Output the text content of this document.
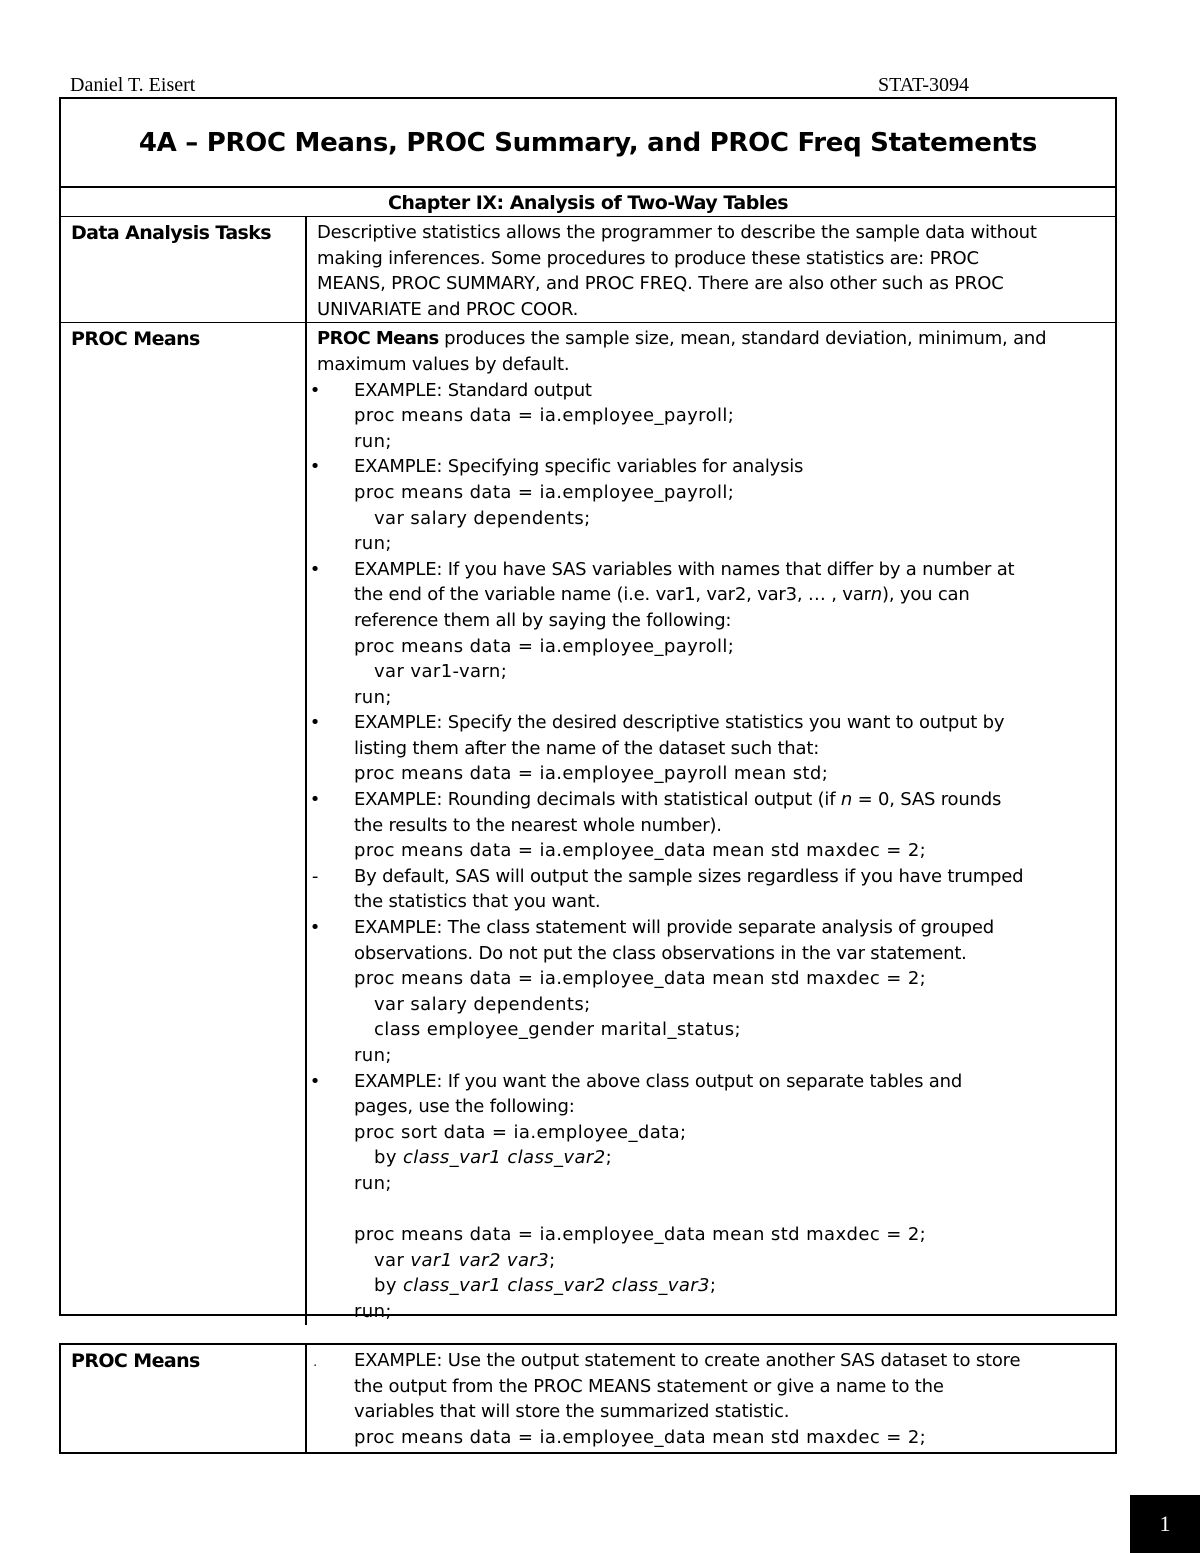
Daniel T. Eisert	STAT-3094
4A – PROC Means, PROC Summary, and PROC Freq Statements
Chapter IX: Analysis of Two-Way Tables
Data Analysis Tasks	Descriptive statistics allows the programmer to describe the sample data without
making inferences. Some procedures to produce these statistics are: PROC
MEANS, PROC SUMMARY, and PROC FREQ. There are also other such as PROC
UNIVARIATE and PROC COOR.
PROC Means	PROC Means produces the sample size, mean, standard deviation, minimum, and
maximum values by default.
•
EXAMPLE: Standard output
proc means data = ia.employee_payroll;
run;
•
EXAMPLE: Specifying specific variables for analysis
proc means data = ia.employee_payroll;
var salary dependents;
run;
•
EXAMPLE: If you have SAS variables with names that differ by a number at
the end of the variable name (i.e. var1, var2, var3, … , varn), you can
reference them all by saying the following:
proc means data = ia.employee_payroll;
var var1-varn;
run;
•
EXAMPLE: Specify the desired descriptive statistics you want to output by
listing them after the name of the dataset such that:
proc means data = ia.employee_payroll mean std;
•
EXAMPLE: Rounding decimals with statistical output (if n = 0, SAS rounds
the results to the nearest whole number).
proc means data = ia.employee_data mean std maxdec = 2;
-
By default, SAS will output the sample sizes regardless if you have trumped
the statistics that you want.
•
EXAMPLE: The class statement will provide separate analysis of grouped
observations. Do not put the class observations in the var statement.
proc means data = ia.employee_data mean std maxdec = 2;
var salary dependents;
class employee_gender marital_status;
run;
•
EXAMPLE: If you want the above class output on separate tables and
pages, use the following:
proc sort data = ia.employee_data;
by class_var1 class_var2;
run;
proc means data = ia.employee_data mean std maxdec = 2;
var var1 var2 var3;
by class_var1 class_var2 class_var3;
run;
PROC Means
.	EXAMPLE: Use the output statement to create another SAS dataset to store
the output from the PROC MEANS statement or give a name to the
variables that will store the summarized statistic.
proc means data = ia.employee_data mean std maxdec = 2;
1
